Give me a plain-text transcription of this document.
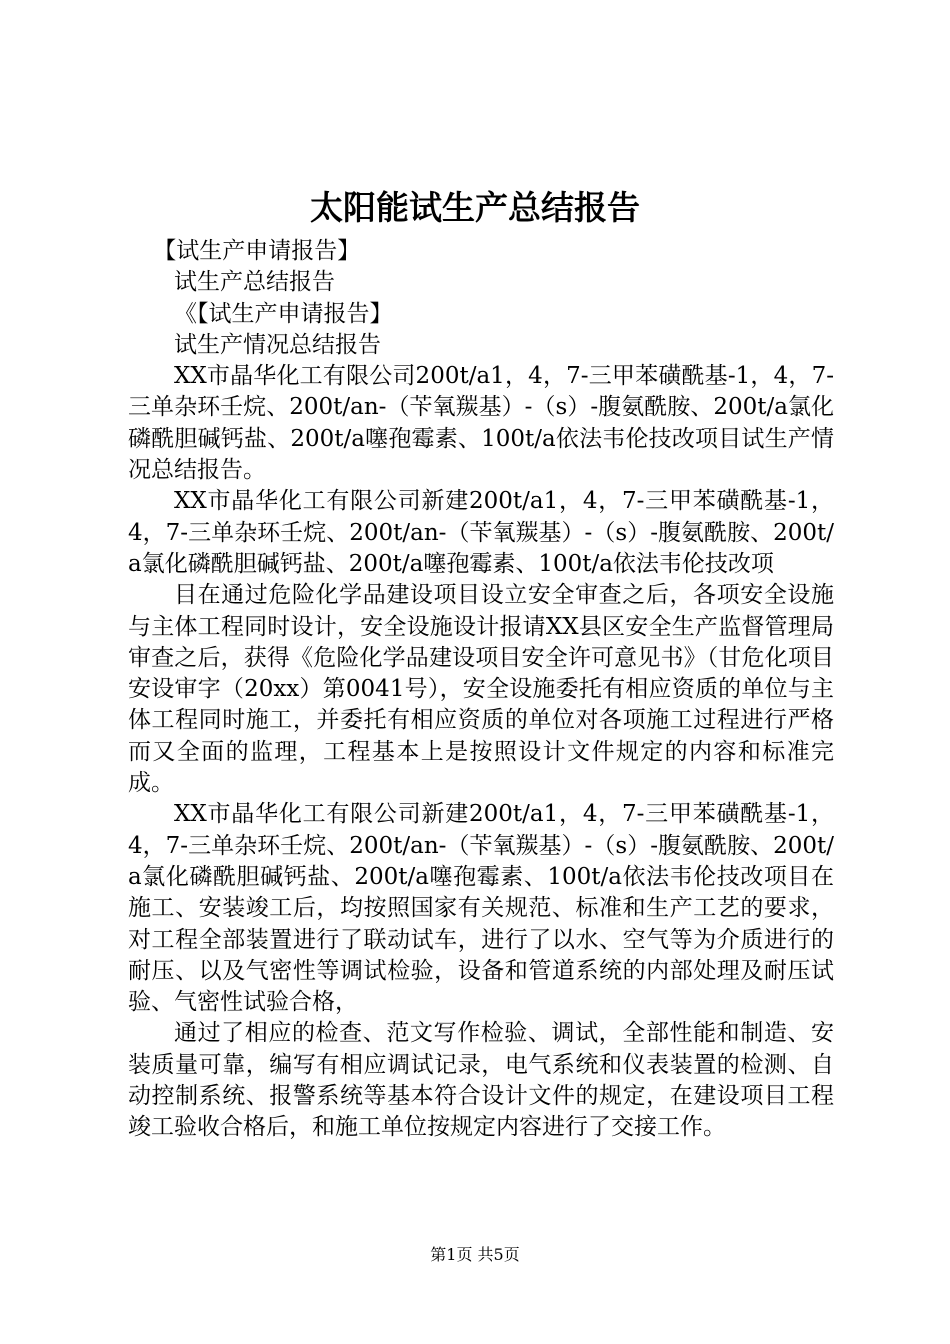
太阳能试生产总结报告

【试生产申请报告】

试生产总结报告

《【试生产申请报告】

试生产情况总结报告

XX市晶华化工有限公司200t/a1，4，7-三甲苯磺酰基-1，4，7-三单杂环壬烷、200t/an-（苄氧羰基）-（s）-腹氨酰胺、200t/a氯化磷酰胆碱钙盐、200t/a噻孢霉素、100t/a依法韦伦技改项目试生产情况总结报告。

XX市晶华化工有限公司新建200t/a1，4，7-三甲苯磺酰基-1，4，7-三单杂环壬烷、200t/an-（苄氧羰基）-（s）-腹氨酰胺、200t/a氯化磷酰胆碱钙盐、200t/a噻孢霉素、100t/a依法韦伦技改项

目在通过危险化学品建设项目设立安全审查之后，各项安全设施与主体工程同时设计，安全设施设计报请XX县区安全生产监督管理局审查之后，获得《危险化学品建设项目安全许可意见书》（甘危化项目安设审字（20xx）第0041号），安全设施委托有相应资质的单位与主体工程同时施工，并委托有相应资质的单位对各项施工过程进行严格而又全面的监理，工程基本上是按照设计文件规定的内容和标准完成。

XX市晶华化工有限公司新建200t/a1，4，7-三甲苯磺酰基-1，4，7-三单杂环壬烷、200t/an-（苄氧羰基）-（s）-腹氨酰胺、200t/a氯化磷酰胆碱钙盐、200t/a噻孢霉素、100t/a依法韦伦技改项目在施工、安装竣工后，均按照国家有关规范、标准和生产工艺的要求，对工程全部装置进行了联动试车，进行了以水、空气等为介质进行的耐压、以及气密性等调试检验，设备和管道系统的内部处理及耐压试验、气密性试验合格，

通过了相应的检查、范文写作检验、调试，全部性能和制造、安装质量可靠，编写有相应调试记录，电气系统和仪表装置的检测、自动控制系统、报警系统等基本符合设计文件的规定，在建设项目工程竣工验收合格后，和施工单位按规定内容进行了交接工作。

第1页 共5页
